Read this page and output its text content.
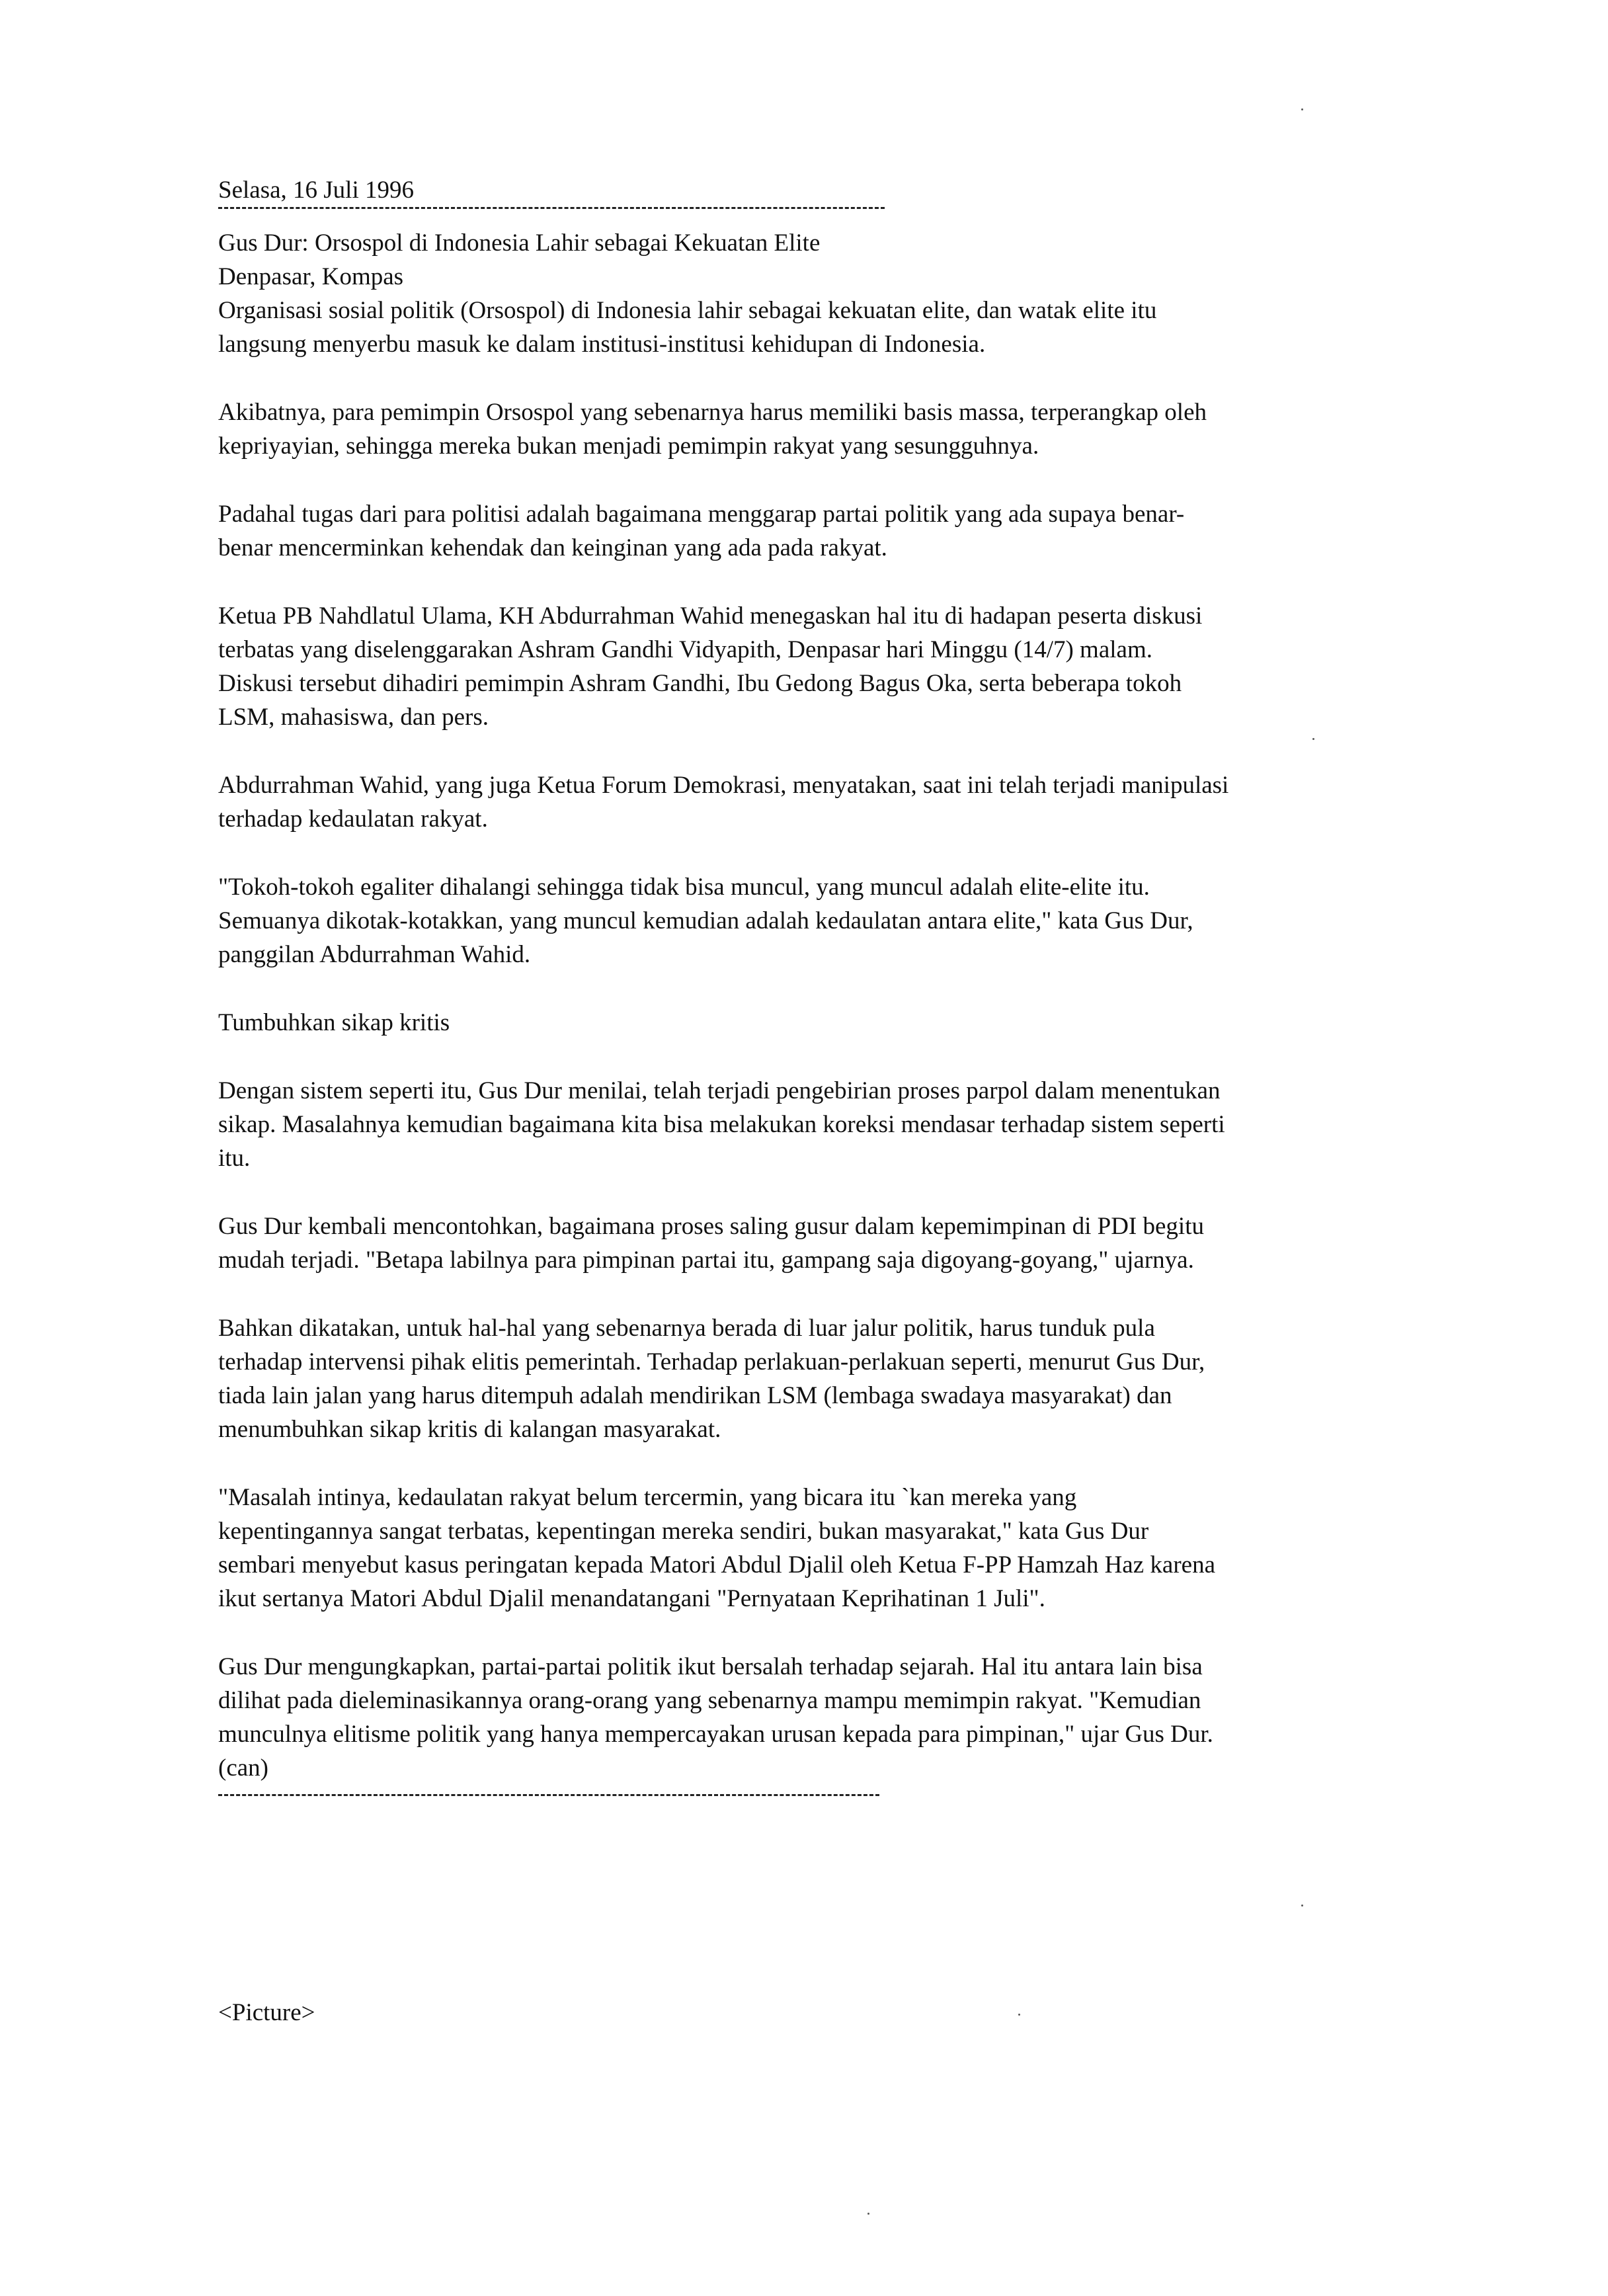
Selasa, 16 Juli 1996

Gus Dur: Orsospol di Indonesia Lahir sebagai Kekuatan Elite

Denpasar, Kompas

Organisasi sosial politik (Orsospol) di Indonesia lahir sebagai kekuatan elite, dan watak elite itu
langsung menyerbu masuk ke dalam institusi-institusi kehidupan di Indonesia.

Akibatnya, para pemimpin Orsospol yang sebenarnya harus memiliki basis massa, terperangkap oleh
kepriyayian, sehingga mereka bukan menjadi pemimpin rakyat yang sesungguhnya.

Padahal tugas dari para politisi adalah bagaimana menggarap partai politik yang ada supaya benar-
benar mencerminkan kehendak dan keinginan yang ada pada rakyat.

Ketua PB Nahdlatul Ulama, KH Abdurrahman Wahid menegaskan hal itu di hadapan peserta diskusi
terbatas yang diselenggarakan Ashram Gandhi Vidyapith, Denpasar hari Minggu (14/7) malam.
Diskusi tersebut dihadiri pemimpin Ashram Gandhi, Ibu Gedong Bagus Oka, serta beberapa tokoh
LSM, mahasiswa, dan pers.

Abdurrahman Wahid, yang juga Ketua Forum Demokrasi, menyatakan, saat ini telah terjadi manipulasi
terhadap kedaulatan rakyat.

"Tokoh-tokoh egaliter dihalangi sehingga tidak bisa muncul, yang muncul adalah elite-elite itu.
Semuanya dikotak-kotakkan, yang muncul kemudian adalah kedaulatan antara elite," kata Gus Dur,
panggilan Abdurrahman Wahid.

Tumbuhkan sikap kritis

Dengan sistem seperti itu, Gus Dur menilai, telah terjadi pengebirian proses parpol dalam menentukan
sikap. Masalahnya kemudian bagaimana kita bisa melakukan koreksi mendasar terhadap sistem seperti
itu.

Gus Dur kembali mencontohkan, bagaimana proses saling gusur dalam kepemimpinan di PDI begitu
mudah terjadi. "Betapa labilnya para pimpinan partai itu, gampang saja digoyang-goyang," ujarnya.

Bahkan dikatakan, untuk hal-hal yang sebenarnya berada di luar jalur politik, harus tunduk pula
terhadap intervensi pihak elitis pemerintah. Terhadap perlakuan-perlakuan seperti, menurut Gus Dur,
tiada lain jalan yang harus ditempuh adalah mendirikan LSM (lembaga swadaya masyarakat) dan
menumbuhkan sikap kritis di kalangan masyarakat.

"Masalah intinya, kedaulatan rakyat belum tercermin, yang bicara itu `kan mereka yang
kepentingannya sangat terbatas, kepentingan mereka sendiri, bukan masyarakat," kata Gus Dur
sembari menyebut kasus peringatan kepada Matori Abdul Djalil oleh Ketua F-PP Hamzah Haz karena
ikut sertanya Matori Abdul Djalil menandatangani "Pernyataan Keprihatinan 1 Juli".

Gus Dur mengungkapkan, partai-partai politik ikut bersalah terhadap sejarah. Hal itu antara lain bisa
dilihat pada dieleminasikannya orang-orang yang sebenarnya mampu memimpin rakyat. "Kemudian
munculnya elitisme politik yang hanya mempercayakan urusan kepada para pimpinan," ujar Gus Dur.
(can)

<Picture>
